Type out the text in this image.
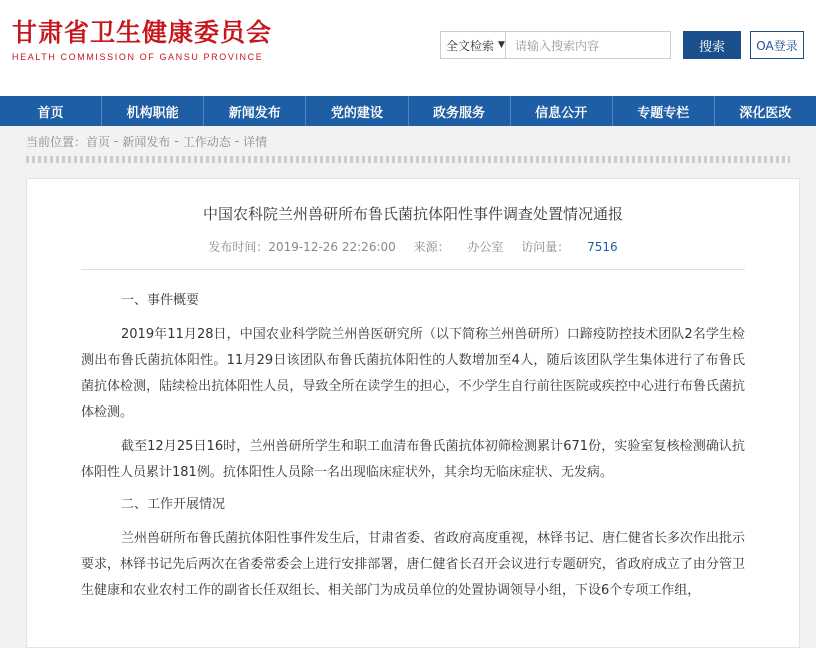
甘肃省卫生健康委员会
HEALTH COMMISSION OF GANSU PROVINCE
全文检索 ▼ 请输入搜索内容	搜索	OA登录
首页	机构职能	新闻发布	党的建设	政务服务	信息公开	专题专栏	深化医改
当前位置： 首页 - 新闻发布 - 工作动态 - 详情
中国农科院兰州兽研所布鲁氏菌抗体阳性事件调查处置情况通报
发布时间：2019-12-26 22:26:00 来源： 办公室 访问量： 7516
一、事件概要
2019年11月28日，中国农业科学院兰州兽医研究所（以下简称兰州兽研所）口蹄疫防控技术团队2名学生检测出布鲁氏菌抗体阳性。11月29日该团队布鲁氏菌抗体阳性的人数增加至4人，随后该团队学生集体进行了布鲁氏菌抗体检测，陆续检出抗体阳性人员，导致全所在读学生的担心，不少学生自行前往医院或疾控中心进行布鲁氏菌抗体检测。
截至12月25日16时，兰州兽研所学生和职工血清布鲁氏菌抗体初筛检测累计671份，实验室复核检测确认抗体阳性人员累计181例。抗体阳性人员除一名出现临床症状外，其余均无临床症状、无发病。
二、工作开展情况
兰州兽研所布鲁氏菌抗体阳性事件发生后，甘肃省委、省政府高度重视，林铎书记、唐仁健省长多次作出批示要求，林铎书记先后两次在省委常委会上进行安排部署，唐仁健省长召开会议进行专题研究，省政府成立了由分管卫生健康和农业农村工作的副省长任双组长、相关部门为成员单位的处置协调领导小组，下设6个专项工作组，
